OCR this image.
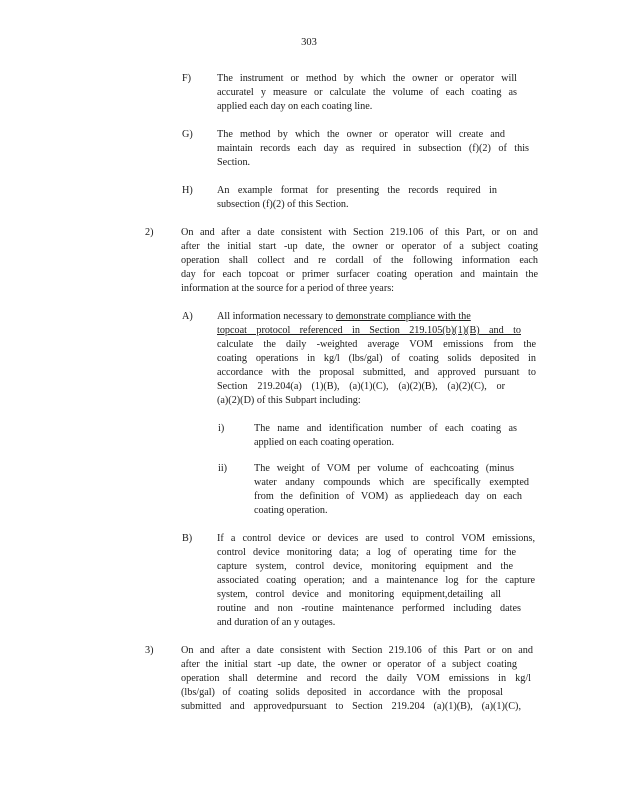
303
F)	The instrument or method by which the owner or operator will
accuratel y measure or calculate the volume of each coating as
applied each day on each coating line.
G) The method by which the owner or operator will create and
maintain records each day as required in subsection (f)(2) of this
Section.
H) An example format for presenting the records required in
subsection (f)(2) of this Section.
2)	On and after a date consistent with Section 219.106 of this Part, or on and
after the initial start -up date, the owner or operator of a subject coating
operation shall collect and re cordall of the following information each
day for each topcoat or primer surfacer coating operation and maintain the
information at the source for a period of three years:
A) All information necessary to demonstrate compliance with the
topcoat protocol referenced in Section 219.105(b)(1)(B) and to
calculate the daily -weighted average VOM emissions from the
coating operations in kg/l (lbs/gal) of coating solids deposited in
accordance with the proposal submitted, and approved pursuant to
Section 219.204(a) (1)(B), (a)(1)(C), (a)(2)(B), (a)(2)(C), or
(a)(2)(D) of this Subpart including:
i)	The name and identification number of each coating as
applied on each coating operation.
ii)	The weight of VOM per volume of eachcoating (minus
water andany compounds which are specifically exempted
from the definition of VOM) as appliedeach day on each
coating operation.
B) If a control device or devices are used to control VOM emissions,
control device monitoring data; a log of operating time for the
capture system, control device, monitoring equipment and the
associated coating operation; and a maintenance log for the capture
system, control device and monitoring equipment,detailing all
routine and non -routine maintenance performed including dates
and duration of an y outages.
3)	On and after a date consistent with Section 219.106 of this Part or on and
after the initial start -up date, the owner or operator of a subject coating
operation shall determine and record the daily VOM emissions in kg/l
(lbs/gal) of coating solids deposited in accordance with the proposal
submitted and approvedpursuant to Section 219.204 (a)(1)(B), (a)(1)(C),
